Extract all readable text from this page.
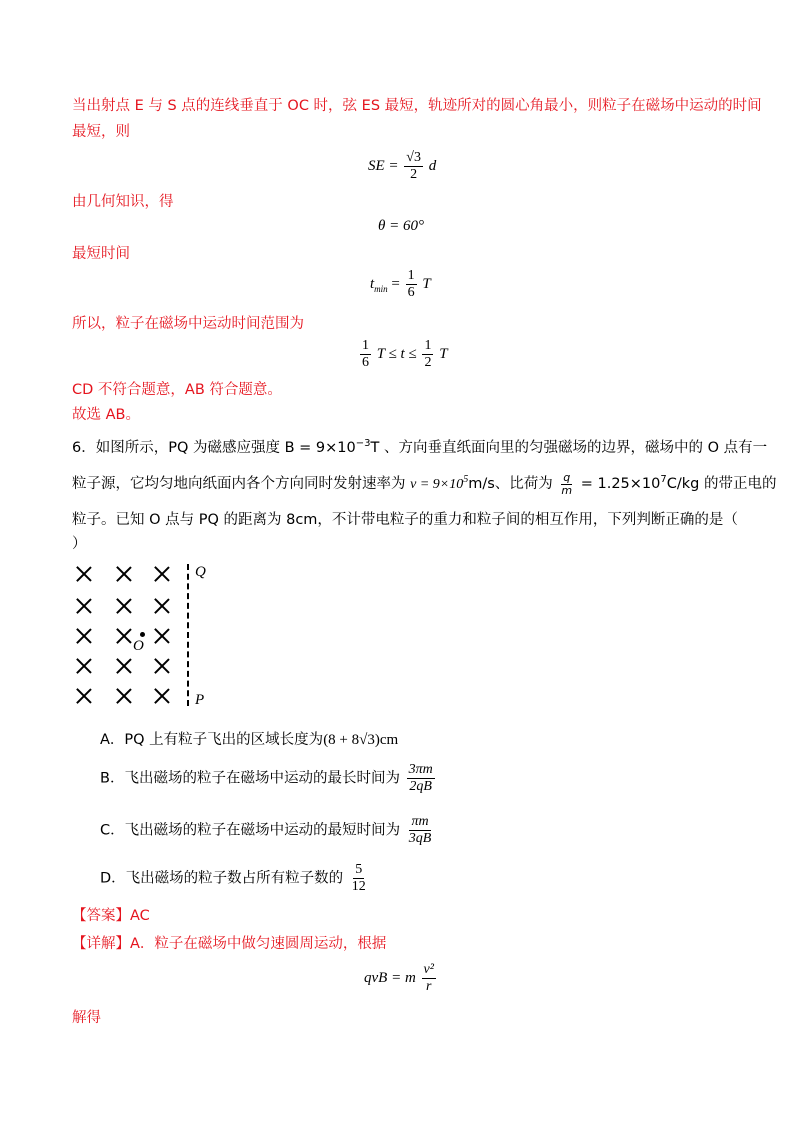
当出射点 E 与 S 点的连线垂直于 OC 时，弦 ES 最短，轨迹所对的圆心角最小，则粒子在磁场中运动的时间
最短，则
SE = $\frac{√3}{2}$ d
由几何知识，得
θ = 60°
最短时间
$t_{min} = \frac{1}{6}$ T
所以，粒子在磁场中运动时间范围为
$\frac{1}{6}$ $T \le t \le \frac{1}{2}$ T
CD 不符合题意，AB 符合题意。
故选 AB。
6．如图所示，PQ 为磁感应强度 $B = 9\times 10^{-3}T$ 、方向垂直纸面向里的匀强磁场的边界，磁场中的 O 点有一
粒子源，它均匀地向纸面内各个方向同时发射速率为 $v = 9\times 10^5m/s$、比荷为 $\frac{q}{m} = 1.25\times 10^7C/kg$ 的带正电的
粒子。已知 O 点与 PQ 的距离为 8cm，不计带电粒子的重力和粒子间的相互作用，下列判断正确的是（
）
O
Q
P
A．PQ 上有粒子飞出的区域长度为(8 + 8√3)cm
B．飞出磁场的粒子在磁场中运动的最长时间为 $\frac{3\pi m}{2qB}$
C．飞出磁场的粒子在磁场中运动的最短时间为 $\frac{\pi m}{3qB}$
D．飞出磁场的粒子数占所有粒子数的 $\frac{5}{12}$
【答案】AC
【详解】A．粒子在磁场中做匀速圆周运动，根据
qvB = m $\frac{\text{v²}}{r}$
解得
